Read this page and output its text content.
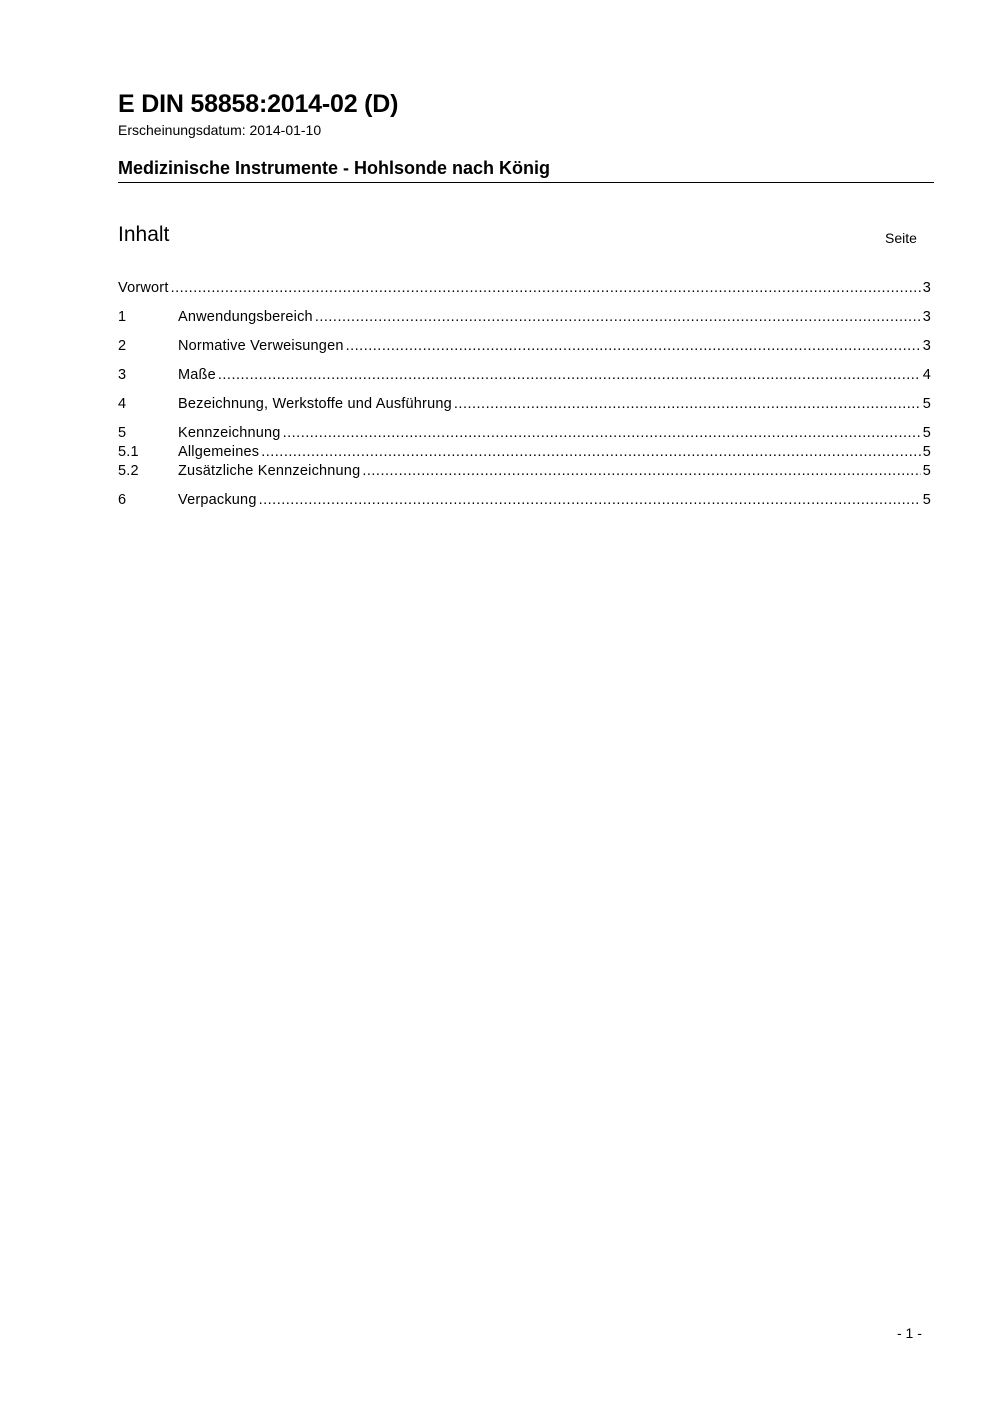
E DIN 58858:2014-02 (D)
Erscheinungsdatum: 2014-01-10
Medizinische Instrumente - Hohlsonde nach König
Inhalt	Seite
Vorwort .....	3
1	Anwendungsbereich .....	3
2	Normative Verweisungen .....	3
3	Maße .....	4
4	Bezeichnung, Werkstoffe und Ausführung .....	5
5	Kennzeichnung .....	5
5.1	Allgemeines .....	5
5.2	Zusätzliche Kennzeichnung .....	5
6	Verpackung .....	5
- 1 -
